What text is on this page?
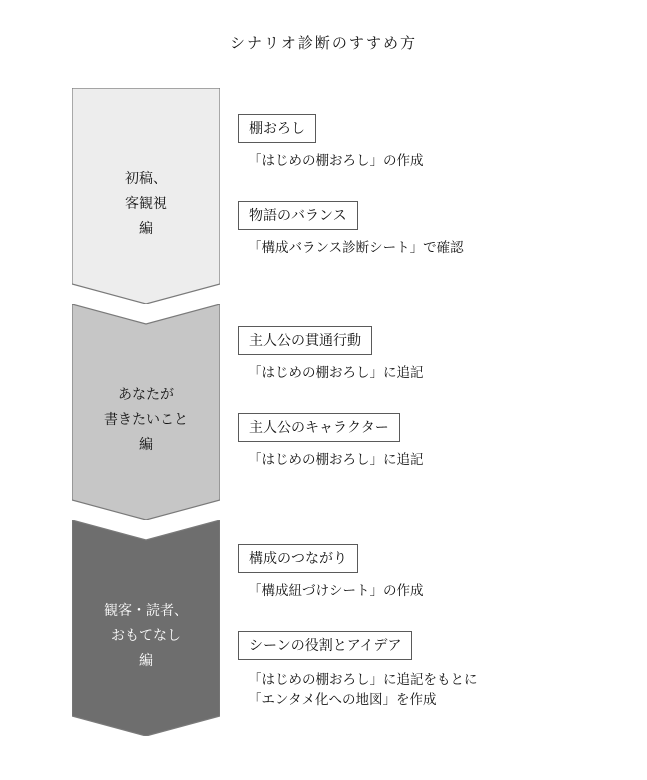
シナリオ診断のすすめ方
初稿、
客観視
編
棚おろし
「はじめの棚おろし」の作成
物語のバランス
「構成バランス診断シート」で確認
あなたが
書きたいこと
編
主人公の貫通行動
「はじめの棚おろし」に追記
主人公のキャラクター
「はじめの棚おろし」に追記
観客・読者、
おもてなし
編
構成のつながり
「構成紐づけシート」の作成
シーンの役割とアイデア
「はじめの棚おろし」に追記をもとに
「エンタメ化への地図」を作成
